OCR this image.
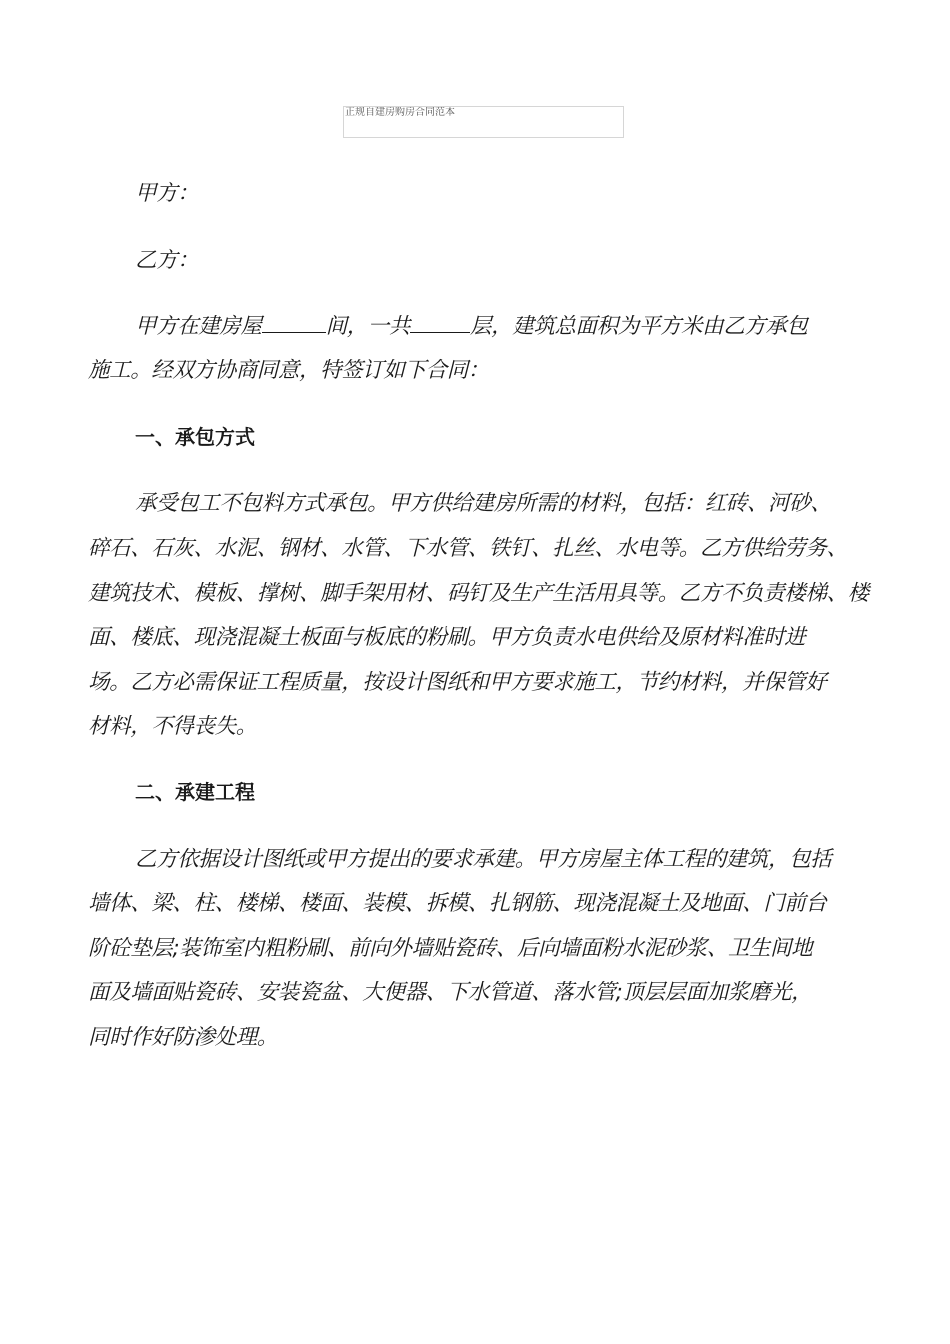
正规自建房购房合同范本
甲方：
乙方：
甲方在建房屋	间，一共	层，建筑总面积为平方米由乙方承包
施工。经双方协商同意，特签订如下合同：
一、承包方式
承受包工不包料方式承包。甲方供给建房所需的材料，包括：红砖、河砂、
碎石、石灰、水泥、钢材、水管、下水管、铁钉、扎丝、水电等。乙方供给劳务、
建筑技术、模板、撑树、脚手架用材、码钉及生产生活用具等。乙方不负责楼梯、楼
面、楼底、现浇混凝土板面与板底的粉刷。甲方负责水电供给及原材料准时进
场。乙方必需保证工程质量，按设计图纸和甲方要求施工，节约材料，并保管好
材料，不得丧失。
二、承建工程
乙方依据设计图纸或甲方提出的要求承建。甲方房屋主体工程的建筑，包括
墙体、梁、柱、楼梯、楼面、装模、拆模、扎钢筋、现浇混凝土及地面、门前台
阶砼垫层;装饰室内粗粉刷、前向外墙贴瓷砖、后向墙面粉水泥砂浆、卫生间地
面及墙面贴瓷砖、安装瓷盆、大便器、下水管道、落水管;顶层层面加浆磨光，
同时作好防渗处理。
